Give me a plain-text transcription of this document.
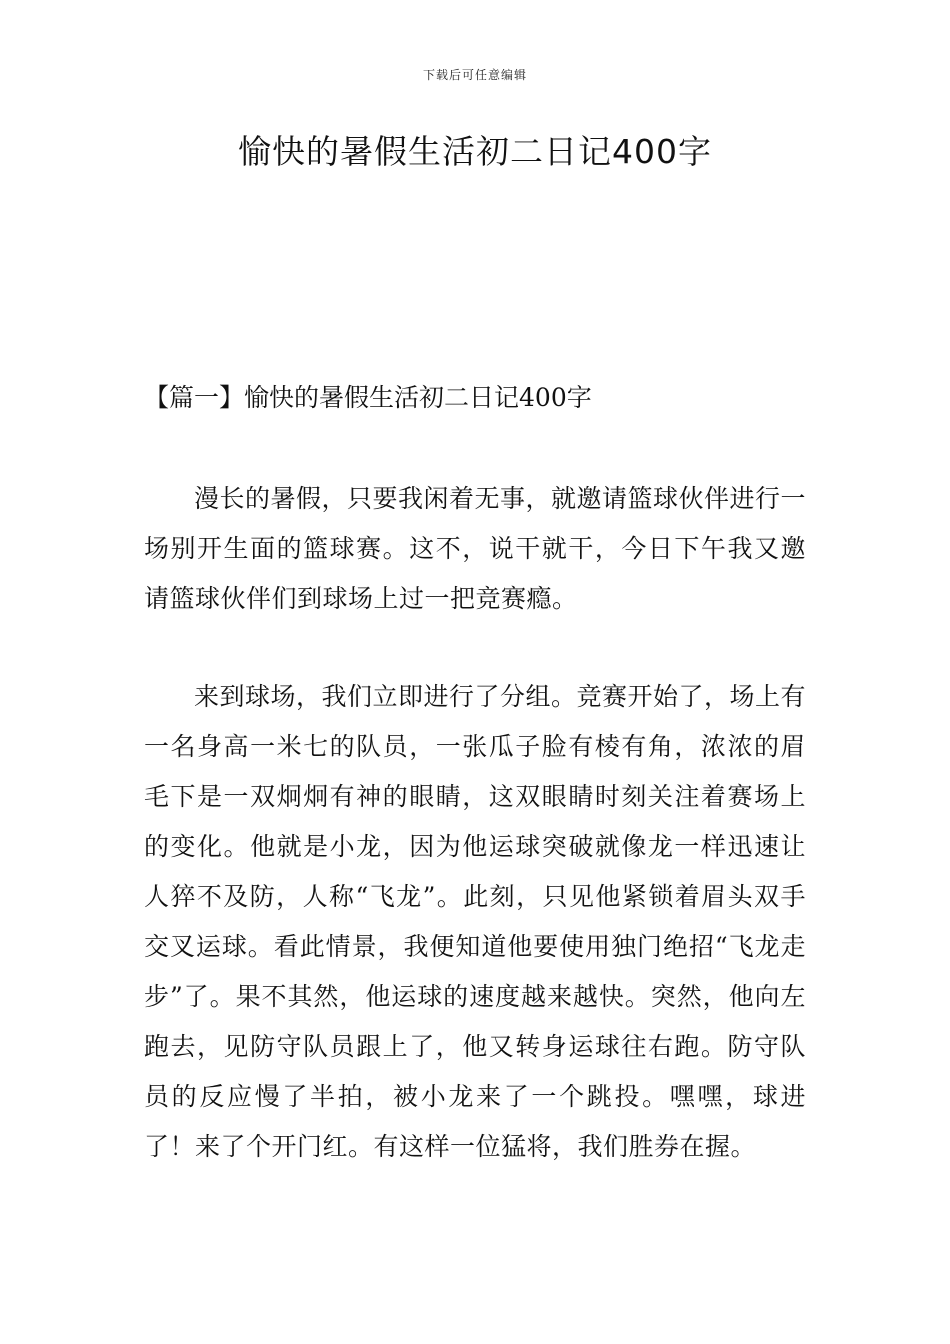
下载后可任意编辑
愉快的暑假生活初二日记400字
【篇一】愉快的暑假生活初二日记400字

漫长的暑假，只要我闲着无事，就邀请篮球伙伴进行一场别开生面的篮球赛。这不，说干就干，今日下午我又邀请篮球伙伴们到球场上过一把竞赛瘾。

来到球场，我们立即进行了分组。竞赛开始了，场上有一名身高一米七的队员，一张瓜子脸有棱有角，浓浓的眉毛下是一双炯炯有神的眼睛，这双眼睛时刻关注着赛场上的变化。他就是小龙，因为他运球突破就像龙一样迅速让人猝不及防，人称“飞龙”。此刻，只见他紧锁着眉头双手交叉运球。看此情景，我便知道他要使用独门绝招“飞龙走步”了。果不其然，他运球的速度越来越快。突然，他向左跑去，见防守队员跟上了，他又转身运球往右跑。防守队员的反应慢了半拍，被小龙来了一个跳投。嘿嘿，球进了！来了个开门红。有这样一位猛将，我们胜券在握。
